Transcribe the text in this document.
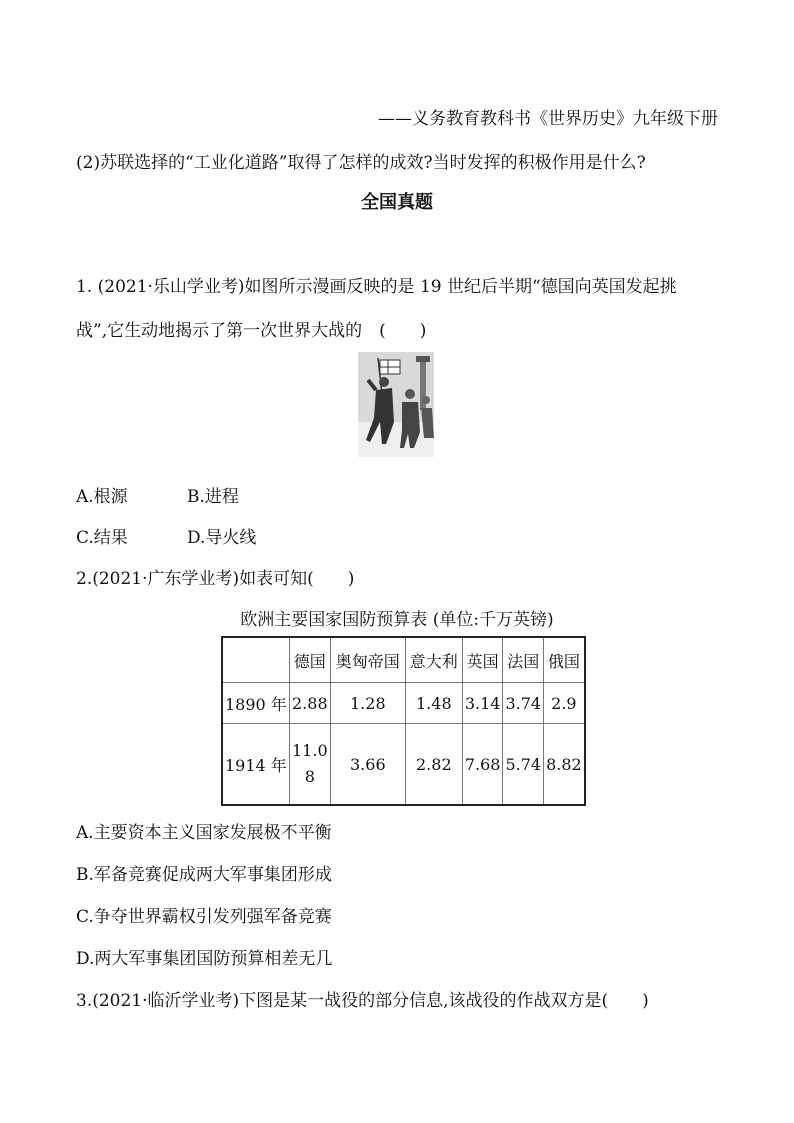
——义务教育教科书《世界历史》九年级下册
(2)苏联选择的“工业化道路”取得了怎样的成效?当时发挥的积极作用是什么?
全国真题
1. (2021·乐山学业考)如图所示漫画反映的是 19 世纪后半期“德国向英国发起挑
战”,它生动地揭示了第一次世界大战的　(　　)
A.根源	B.进程
C.结果	D.导火线
2.(2021·广东学业考)如表可知(　　)
欧洲主要国家国防预算表 (单位:千万英镑)
	德国	奥匈帝国	意大利	英国	法国	俄国
1890 年	2.88	1.28	1.48	3.14	3.74	2.9
1914 年	11.08	3.66	2.82	7.68	5.74	8.82
A.主要资本主义国家发展极不平衡
B.军备竞赛促成两大军事集团形成
C.争夺世界霸权引发列强军备竞赛
D.两大军事集团国防预算相差无几
3.(2021·临沂学业考)下图是某一战役的部分信息,该战役的作战双方是(　　)
